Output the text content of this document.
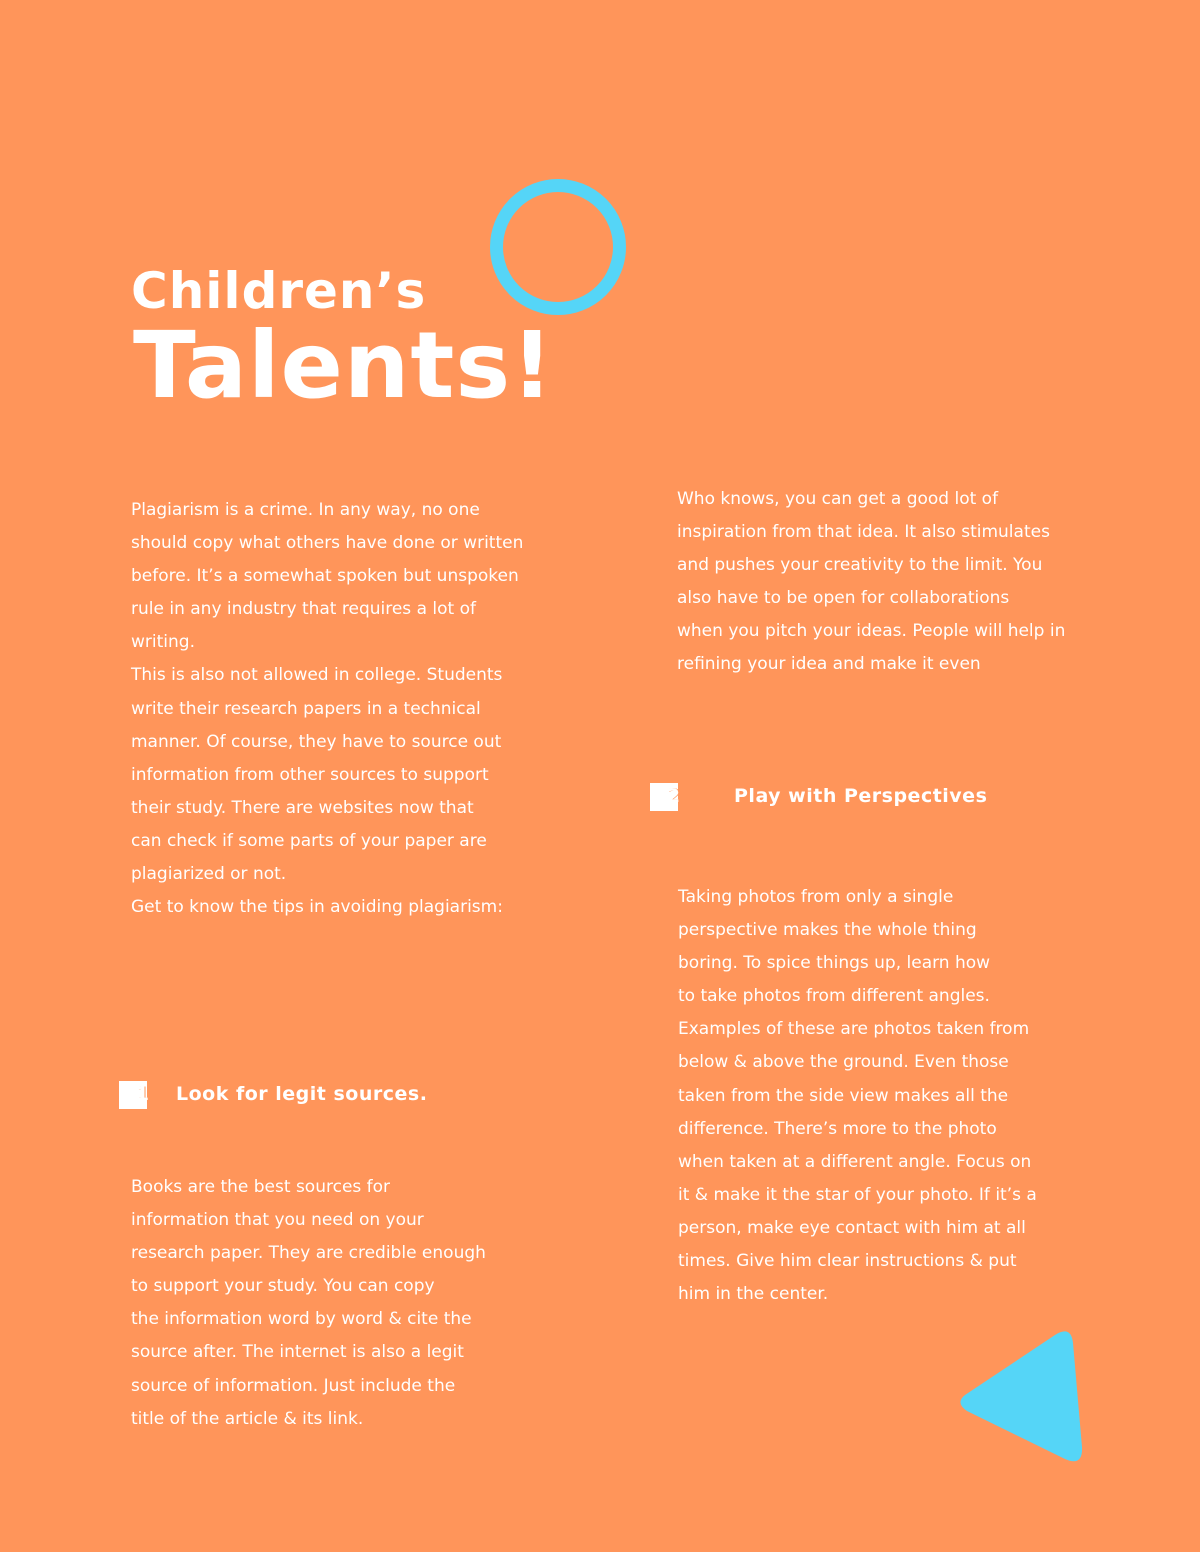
Children’s
Talents!
Plagiarism is a crime. In any way, no one
should copy what others have done or written
before. It’s a somewhat spoken but unspoken
rule in any industry that requires a lot of
writing.
This is also not allowed in college. Students
write their research papers in a technical
manner. Of course, they have to source out
information from other sources to support
their study. There are websites now that
can check if some parts of your paper are
plagiarized or not.
Get to know the tips in avoiding plagiarism:
1 Look for legit sources.
Books are the best sources for
information that you need on your
research paper. They are credible enough
to support your study. You can copy
the information word by word & cite the
source after. The internet is also a legit
source of information. Just include the
title of the article & its link.
Who knows, you can get a good lot of
inspiration from that idea. It also stimulates
and pushes your creativity to the limit. You
also have to be open for collaborations
when you pitch your ideas. People will help in
refining your idea and make it even
2	Play with Perspectives
Taking photos from only a single
perspective makes the whole thing
boring. To spice things up, learn how
to take photos from different angles.
Examples of these are photos taken from
below & above the ground. Even those
taken from the side view makes all the
difference. There’s more to the photo
when taken at a different angle. Focus on
it & make it the star of your photo. If it’s a
person, make eye contact with him at all
times. Give him clear instructions & put
him in the center.
